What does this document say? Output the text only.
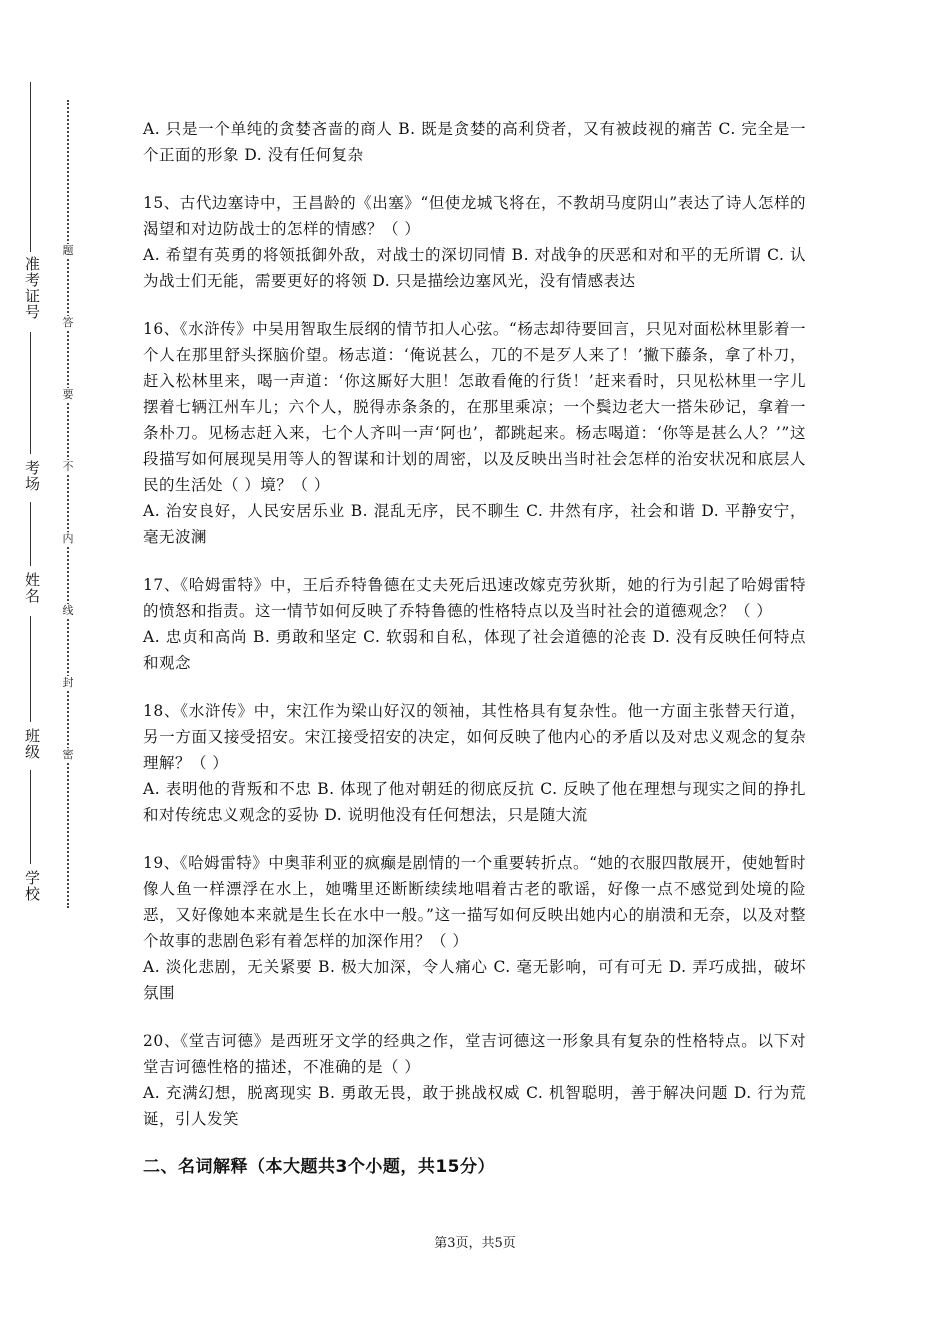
准考证号
考场
姓名
班级
学校
题
答
要
不
内
线
封
密

A. 只是一个单纯的贪婪吝啬的商人 B. 既是贪婪的高利贷者，又有被歧视的痛苦 C. 完全是一个正面的形象 D. 没有任何复杂

15、古代边塞诗中，王昌龄的《出塞》“但使龙城飞将在，不教胡马度阴山”表达了诗人怎样的渴望和对边防战士的怎样的情感？（ ）

A. 希望有英勇的将领抵御外敌，对战士的深切同情 B. 对战争的厌恶和对和平的无所谓 C. 认为战士们无能，需要更好的将领 D. 只是描绘边塞风光，没有情感表达

16、《水浒传》中吴用智取生辰纲的情节扣人心弦。“杨志却待要回言，只见对面松林里影着一个人在那里舒头探脑价望。杨志道：‘俺说甚么，兀的不是歹人来了！’撇下藤条，拿了朴刀，赶入松林里来，喝一声道：‘你这厮好大胆！怎敢看俺的行货！’赶来看时，只见松林里一字儿摆着七辆江州车儿；六个人，脱得赤条条的，在那里乘凉；一个鬓边老大一搭朱砂记，拿着一条朴刀。见杨志赶入来，七个人齐叫一声‘阿也’，都跳起来。杨志喝道：‘你等是甚么人？’”这段描写如何展现吴用等人的智谋和计划的周密，以及反映出当时社会怎样的治安状况和底层人民的生活处（ ）境？（ ）

A. 治安良好，人民安居乐业 B. 混乱无序，民不聊生 C. 井然有序，社会和谐 D. 平静安宁，毫无波澜

17、《哈姆雷特》中，王后乔特鲁德在丈夫死后迅速改嫁克劳狄斯，她的行为引起了哈姆雷特的愤怒和指责。这一情节如何反映了乔特鲁德的性格特点以及当时社会的道德观念？（ ）

A. 忠贞和高尚 B. 勇敢和坚定 C. 软弱和自私，体现了社会道德的沦丧 D. 没有反映任何特点和观念

18、《水浒传》中，宋江作为梁山好汉的领袖，其性格具有复杂性。他一方面主张替天行道，另一方面又接受招安。宋江接受招安的决定，如何反映了他内心的矛盾以及对忠义观念的复杂理解？（ ）

A. 表明他的背叛和不忠 B. 体现了他对朝廷的彻底反抗 C. 反映了他在理想与现实之间的挣扎和对传统忠义观念的妥协 D. 说明他没有任何想法，只是随大流

19、《哈姆雷特》中奥菲利亚的疯癫是剧情的一个重要转折点。“她的衣服四散展开，使她暂时像人鱼一样漂浮在水上，她嘴里还断断续续地唱着古老的歌谣，好像一点不感觉到处境的险恶，又好像她本来就是生长在水中一般。”这一描写如何反映出她内心的崩溃和无奈，以及对整个故事的悲剧色彩有着怎样的加深作用？（ ）

A. 淡化悲剧，无关紧要 B. 极大加深，令人痛心 C. 毫无影响，可有可无 D. 弄巧成拙，破坏氛围

20、《堂吉诃德》是西班牙文学的经典之作，堂吉诃德这一形象具有复杂的性格特点。以下对堂吉诃德性格的描述，不准确的是（ ）

A. 充满幻想，脱离现实 B. 勇敢无畏，敢于挑战权威 C. 机智聪明，善于解决问题 D. 行为荒诞，引人发笑

二、名词解释（本大题共3个小题，共15分）
第3页，共5页
